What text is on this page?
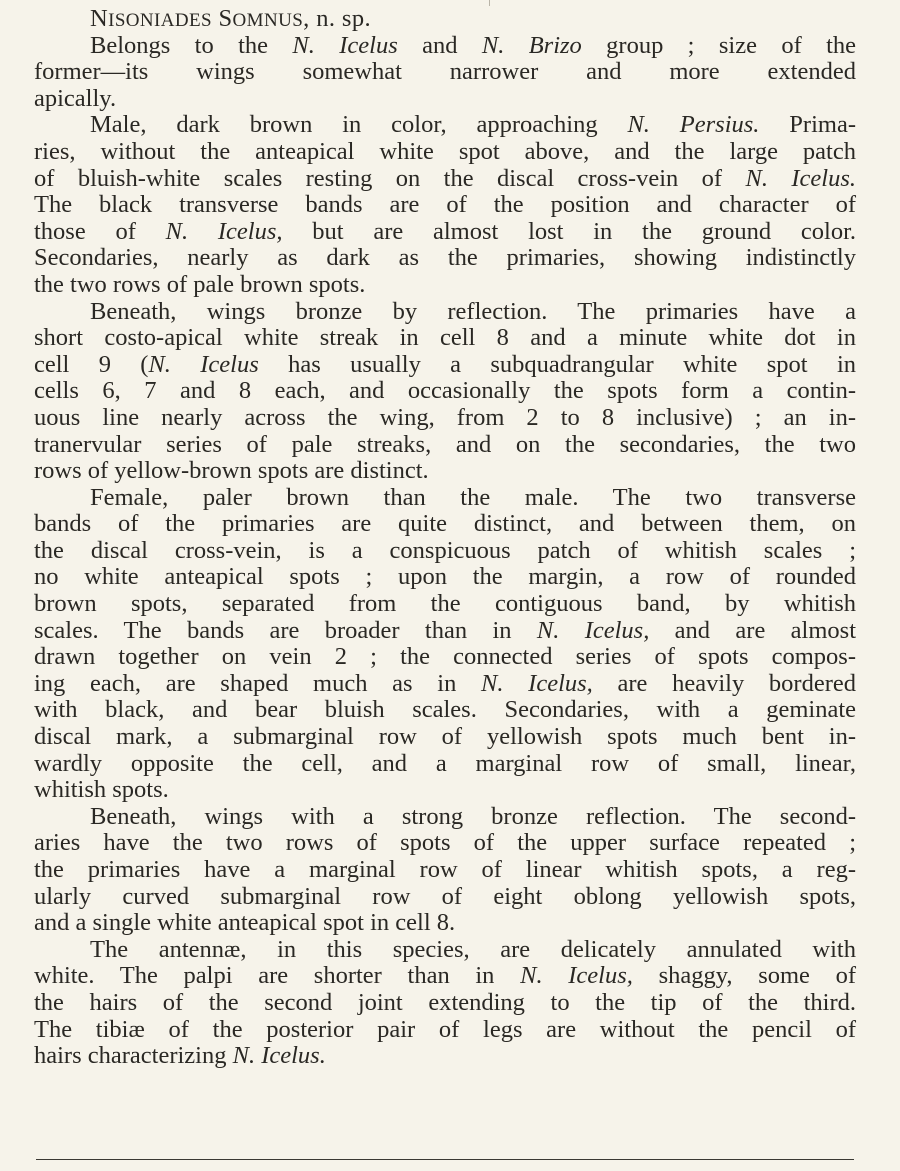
NISONIADES SOMNUS, n. sp.
Belongs to the N. Icelus and N. Brizo group ; size of the
former—its wings somewhat narrower and more extended
apically.
Male, dark brown in color, approaching N. Persius. Prima-
ries, without the anteapical white spot above, and the large patch
of bluish-white scales resting on the discal cross-vein of N. Icelus.
The black transverse bands are of the position and character of
those of N. Icelus, but are almost lost in the ground color.
Secondaries, nearly as dark as the primaries, showing indistinctly
the two rows of pale brown spots.
Beneath, wings bronze by reflection. The primaries have a
short costo-apical white streak in cell 8 and a minute white dot in
cell 9 (N. Icelus has usually a subquadrangular white spot in
cells 6, 7 and 8 each, and occasionally the spots form a contin-
uous line nearly across the wing, from 2 to 8 inclusive) ; an in-
tranervular series of pale streaks, and on the secondaries, the two
rows of yellow-brown spots are distinct.
Female, paler brown than the male. The two transverse
bands of the primaries are quite distinct, and between them, on
the discal cross-vein, is a conspicuous patch of whitish scales ;
no white anteapical spots ; upon the margin, a row of rounded
brown spots, separated from the contiguous band, by whitish
scales. The bands are broader than in N. Icelus, and are almost
drawn together on vein 2 ; the connected series of spots compos-
ing each, are shaped much as in N. Icelus, are heavily bordered
with black, and bear bluish scales. Secondaries, with a geminate
discal mark, a submarginal row of yellowish spots much bent in-
wardly opposite the cell, and a marginal row of small, linear,
whitish spots.
Beneath, wings with a strong bronze reflection. The second-
aries have the two rows of spots of the upper surface repeated ;
the primaries have a marginal row of linear whitish spots, a reg-
ularly curved submarginal row of eight oblong yellowish spots,
and a single white anteapical spot in cell 8.
The antennæ, in this species, are delicately annulated with
white. The palpi are shorter than in N. Icelus, shaggy, some of
the hairs of the second joint extending to the tip of the third.
The tibiæ of the posterior pair of legs are without the pencil of
hairs characterizing N. Icelus.
